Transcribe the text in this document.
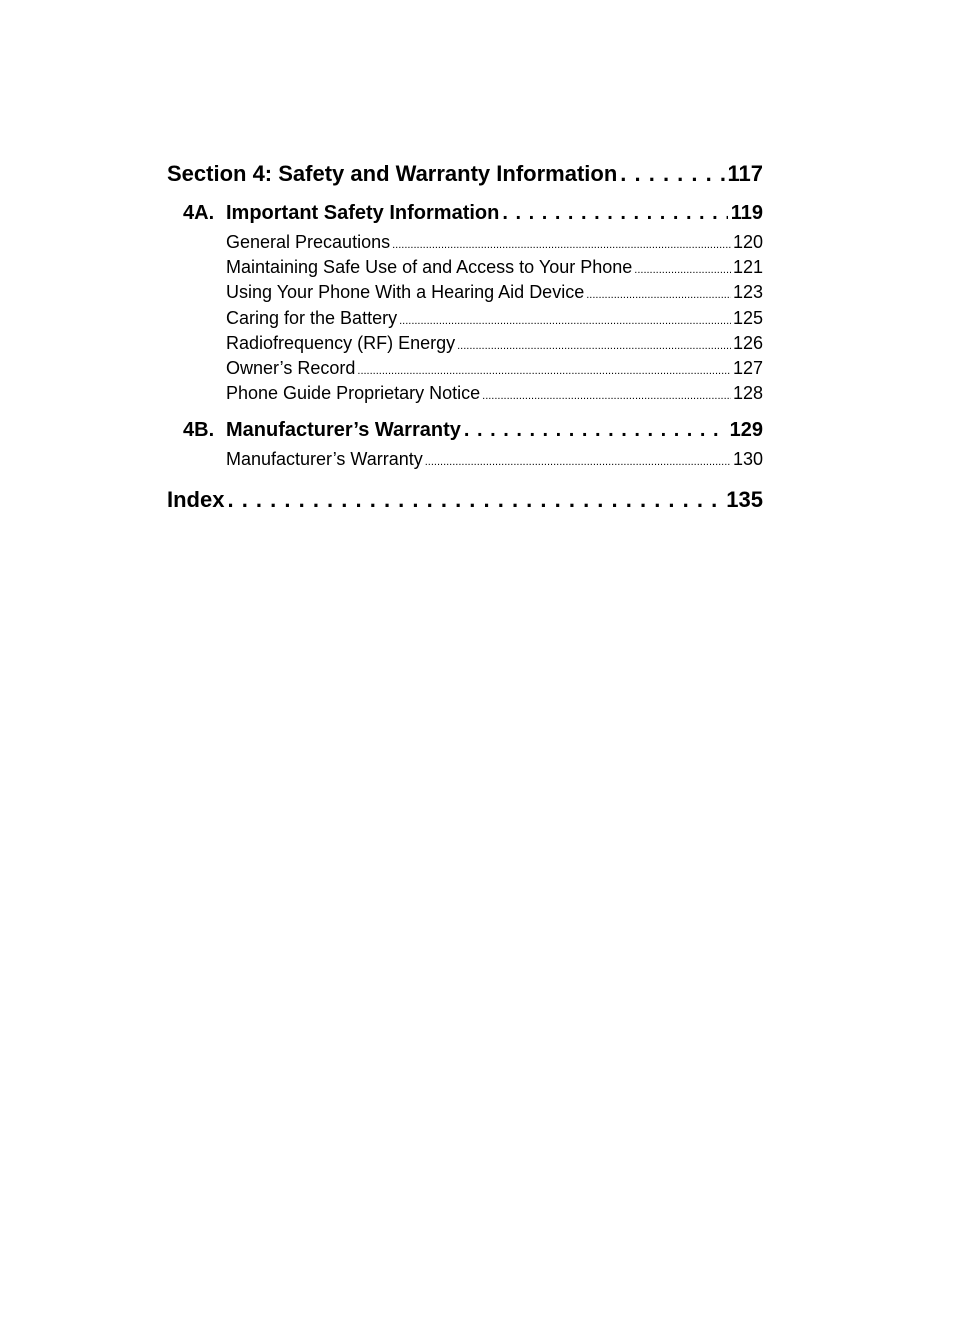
Section 4: Safety and Warranty Information . . .	117
4A. Important Safety Information . . .	119
General Precautions .....	120
Maintaining Safe Use of and Access to Your Phone .....	121
Using Your Phone With a Hearing Aid Device .....	123
Caring for the Battery .....	125
Radiofrequency (RF) Energy .....	126
Owner’s Record .....	127
Phone Guide Proprietary Notice .....	128
4B. Manufacturer’s Warranty . . .	129
Manufacturer’s Warranty .....	130
Index . . .	135
